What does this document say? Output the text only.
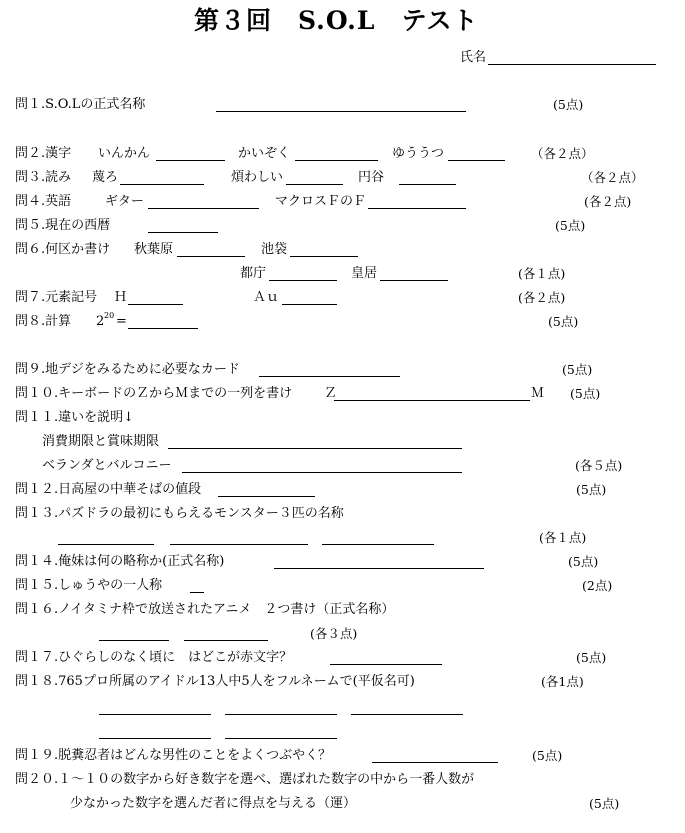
第３回　S.O.L　テスト
氏名
問１.S.O.Lの正式名称	(5点)
問２.漢字 いんかん	かいぞく	ゆううつ	（各２点）
問３.読み 蔑ろ	煩わしい	円谷	（各２点）
問４.英語	ギター	マクロスＦのＦ	(各２点)
問５.現在の西暦	(5点)
問６.何区か書け 秋葉原	池袋
都庁	皇居	(各１点)
問７.元素記号 Ｈ	Ａｕ	(各２点)
問８.計算 2 20 =	(5点)
問９.地デジをみるために必要なカード	(5点)
問１０.キーボードのＺからＭまでの一列を書け Ｚ	Ｍ (5点)
問１１.違いを説明↓
消費期限と賞味期限
ベランダとバルコニー	(各５点)
問１２.日高屋の中華そばの値段	(5点)
問１３.パズドラの最初にもらえるモンスター３匹の名称
(各１点)
問１４.俺妹は何の略称か(正式名称)	(5点)
問１５.しゅうやの一人称	(2点)
問１６.ノイタミナ枠で放送されたアニメ　２つ書け（正式名称）
(各３点)
問１７.ひぐらしのなく頃に　はどこが赤文字？	(5点)
問１８.765プロ所属のアイドル13人中5人をフルネームで(平仮名可)	(各1点)
問１９.脱糞忍者はどんな男性のことをよくつぶやく？	(5点)
問２０.１～１０の数字から好き数字を選べ、選ばれた数字の中から一番人数が
少なかった数字を選んだ者に得点を与える（運）	(5点)
